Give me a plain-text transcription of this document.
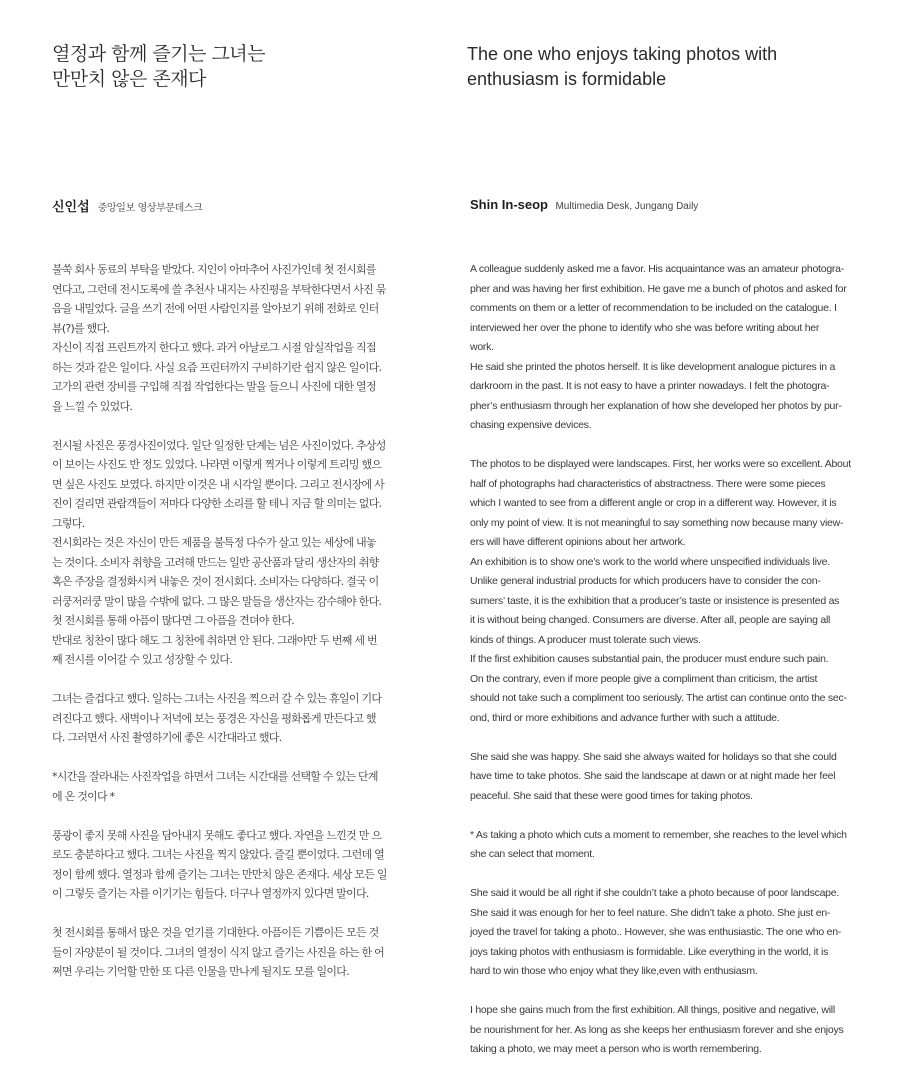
열정과 함께 즐기는 그녀는
만만치 않은 존재다
The one who enjoys taking photos with
enthusiasm is formidable
신인섭 중앙일보 영상부문데스크	Shin In-seop Multimedia Desk, Jungang Daily
불쑥 회사 동료의 부탁을 받았다. 지인이 아마추어 사진가인데 첫 전시회를
연다고, 그런데 전시도록에 쓸 추천사 내지는 사진평을 부탁한다면서 사진 묶
음을 내밀었다. 글을 쓰기 전에 어떤 사람인지를 알아보기 위해 전화로 인터
뷰(?)를 했다.
자신이 직접 프린트까지 한다고 했다. 과거 아날로그 시절 암실작업을 직접
하는 것과 같은 일이다. 사실 요즘 프린터까지 구비하기란 쉽지 않은 일이다.
고가의 관련 장비를 구입해 직접 작업한다는 말을 들으니 사진에 대한 열정
을 느낄 수 있었다.
전시될 사진은 풍경사진이었다. 일단 일정한 단계는 넘은 사진이었다. 추상성
이 보이는 사진도 반 정도 있었다. 나라면 이렇게 찍거나 이렇게 트리밍 했으
면 싶은 사진도 보였다. 하지만 이것은 내 시각일 뿐이다. 그리고 전시장에 사
진이 걸리면 관람객들이 저마다 다양한 소리를 할 테니 지금 할 의미는 없다.
그렇다.
전시회라는 것은 자신이 만든 제품을 불특정 다수가 살고 있는 세상에 내놓
는 것이다. 소비자 취향을 고려해 만드는 일반 공산품과 달리 생산자의 취향
혹은 주장을 결정화시켜 내놓은 것이 전시회다. 소비자는 다양하다. 결국 이
러쿵저러쿵 말이 많을 수밖에 없다. 그 많은 말들을 생산자는 감수해야 한다.
첫 전시회를 통해 아픔이 많다면 그 아픔을 견뎌야 한다.
반대로 칭찬이 많다 해도 그 칭찬에 취하면 안 된다. 그래야만 두 번째 세 번
째 전시를 이어갈 수 있고 성장할 수 있다.
그녀는 즐겁다고 했다. 일하는 그녀는 사진을 찍으러 갈 수 있는 휴일이 기다
려진다고 했다. 새벽이나 저녁에 보는 풍경은 자신을 평화롭게 만든다고 했
다. 그러면서 사진 촬영하기에 좋은 시간대라고 했다.
*시간을 잘라내는 사진작업을 하면서 그녀는 시간대를 선택할 수 있는 단계
에 온 것이다 *
풍광이 좋지 못해 사진을 담아내지 못해도 좋다고 했다. 자연을 느낀것 만 으
로도 충분하다고 했다. 그녀는 사진을 찍지 않았다. 즐길 뿐이었다. 그런데 열
정이 함께 했다. 열정과 함께 즐기는 그녀는 만만치 않은 존재다. 세상 모든 일
이 그렇듯 즐기는 자를 이기기는 힘들다. 더구나 열정까지 있다면 말이다.
첫 전시회를 통해서 많은 것을 얻기를 기대한다. 아픔이든 기쁨이든 모든 것
들이 자양분이 될 것이다. 그녀의 열정이 식지 않고 즐기는 사진을 하는 한 어
쩌면 우리는 기억할 만한 또 다른 인물을 만나게 될지도 모를 일이다.
A colleague suddenly asked me a favor. His acquaintance was an amateur photogra-
pher and was having her first exhibition. He gave me a bunch of photos and asked for
comments on them or a letter of recommendation to be included on the catalogue. I
interviewed her over the phone to identify who she was before writing about her
work.
He said she printed the photos herself. It is like development analogue pictures in a
darkroom in the past. It is not easy to have a printer nowadays. I felt the photogra-
pher’s enthusiasm through her explanation of how she developed her photos by pur-
chasing expensive devices.
The photos to be displayed were landscapes. First, her works were so excellent. About
half of photographs had characteristics of abstractness. There were some pieces
which I wanted to see from a different angle or crop in a different way. However, it is
only my point of view. It is not meaningful to say something now because many view-
ers will have different opinions about her artwork.
An exhibition is to show one’s work to the world where unspecified individuals live.
Unlike general industrial products for which producers have to consider the con-
sumers’ taste, it is the exhibition that a producer’s taste or insistence is presented as
it is without being changed. Consumers are diverse. After all, people are saying all
kinds of things. A producer must tolerate such views.
If the first exhibition causes substantial pain, the producer must endure such pain.
On the contrary, even if more people give a compliment than criticism, the artist
should not take such a compliment too seriously. The artist can continue onto the sec-
ond, third or more exhibitions and advance further with such a attitude.
She said she was happy. She said she always waited for holidays so that she could
have time to take photos. She said the landscape at dawn or at night made her feel
peaceful. She said that these were good times for taking photos.
* As taking a photo which cuts a moment to remember, she reaches to the level which
she can select that moment.
She said it would be all right if she couldn’t take a photo because of poor landscape.
She said it was enough for her to feel nature. She didn’t take a photo. She just en-
joyed the travel for taking a photo.. However, she was enthusiastic. The one who en-
joys taking photos with enthusiasm is formidable. Like everything in the world, it is
hard to win those who enjoy what they like,even with enthusiasm.
I hope she gains much from the first exhibition. All things, positive and negative, will
be nourishment for her. As long as she keeps her enthusiasm forever and she enjoys
taking a photo, we may meet a person who is worth remembering.
